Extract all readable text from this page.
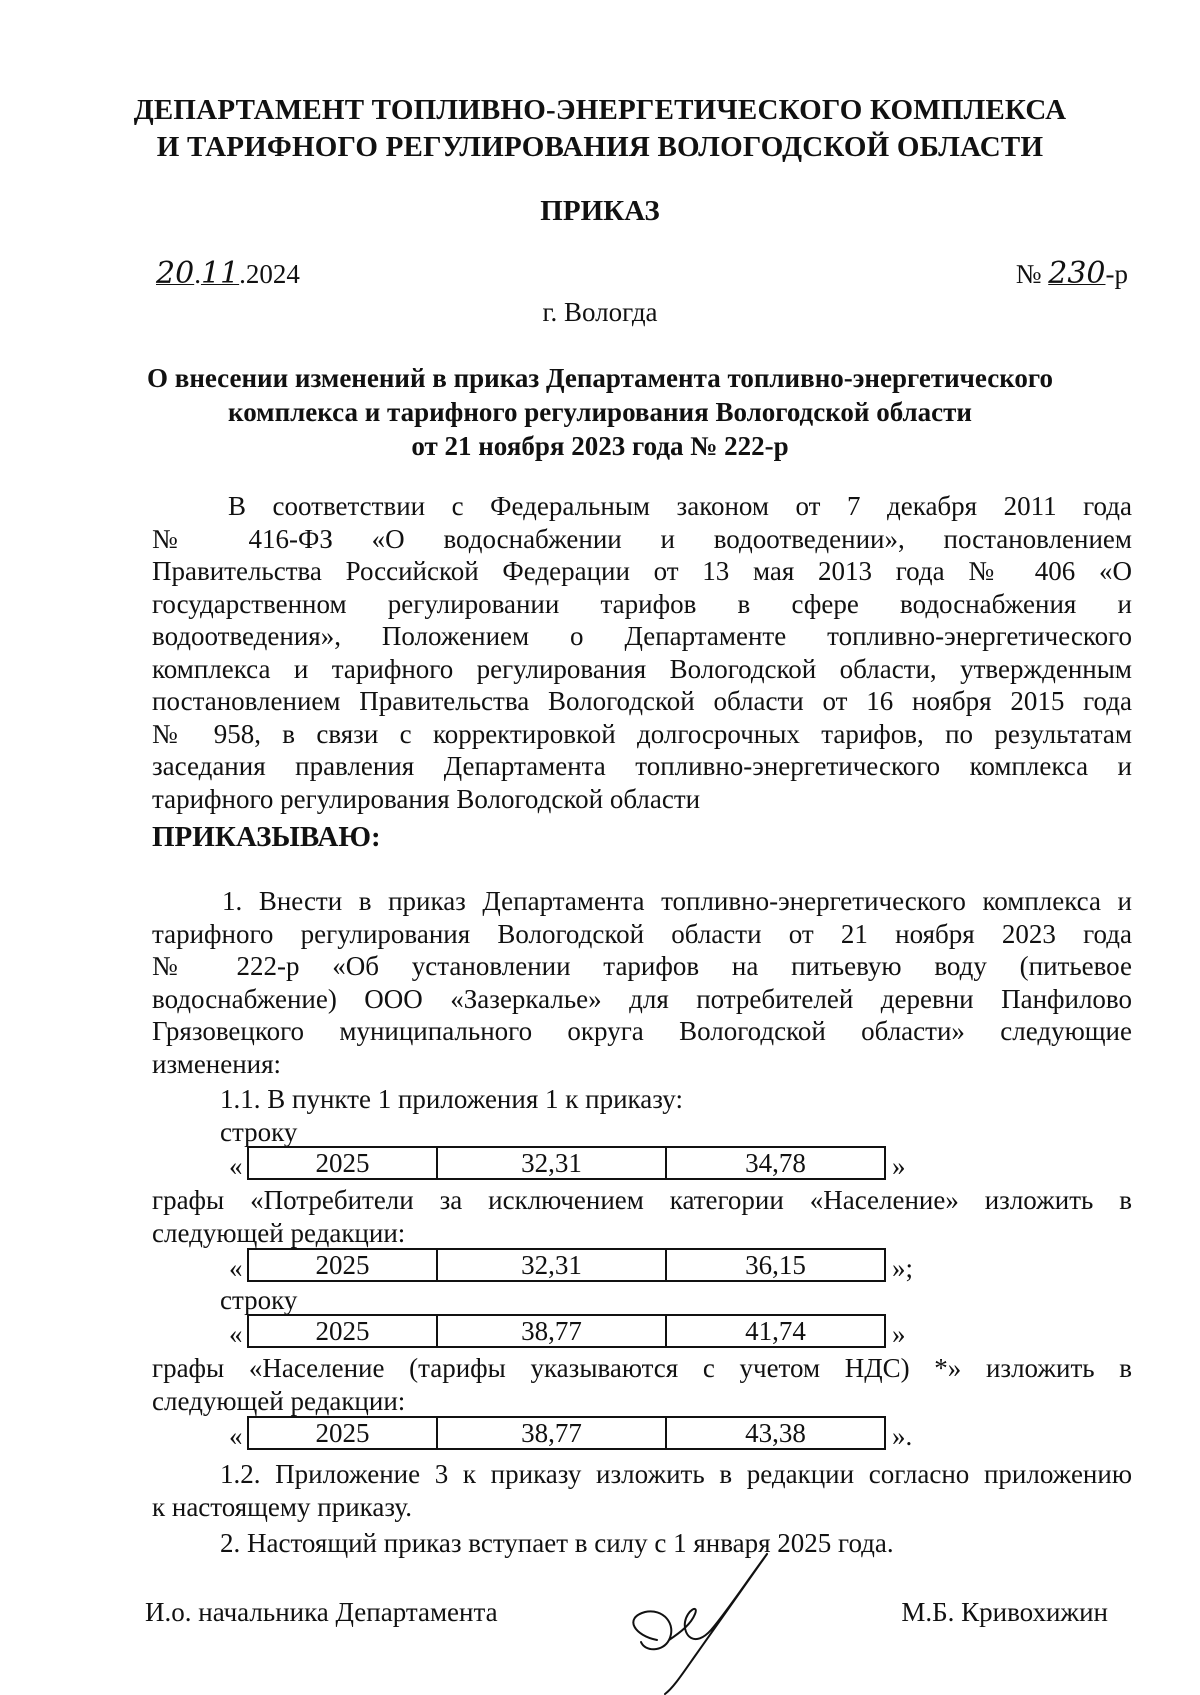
ДЕПАРТАМЕНТ ТОПЛИВНО-ЭНЕРГЕТИЧЕСКОГО КОМПЛЕКСА
И ТАРИФНОГО РЕГУЛИРОВАНИЯ ВОЛОГОДСКОЙ ОБЛАСТИ
ПРИКАЗ
20.11.2024	№ 230-р
г. Вологда
О внесении изменений в приказ Департамента топливно-энергетического
комплекса и тарифного регулирования Вологодской области
от 21 ноября 2023 года № 222-р
В соответствии с Федеральным законом от 7 декабря 2011 года
№ 416-ФЗ «О водоснабжении и водоотведении», постановлением
Правительства Российской Федерации от 13 мая 2013 года № 406 «О
государственном регулировании тарифов в сфере водоснабжения и
водоотведения», Положением о Департаменте топливно-энергетического
комплекса и тарифного регулирования Вологодской области, утвержденным
постановлением Правительства Вологодской области от 16 ноября 2015 года
№ 958, в связи с корректировкой долгосрочных тарифов, по результатам
заседания правления Департамента топливно-энергетического комплекса и
тарифного регулирования Вологодской области
ПРИКАЗЫВАЮ:
1. Внести в приказ Департамента топливно-энергетического комплекса и
тарифного регулирования Вологодской области от 21 ноября 2023 года
№ 222-р «Об установлении тарифов на питьевую воду (питьевое
водоснабжение) ООО «Зазеркалье» для потребителей деревни Панфилово
Грязовецкого муниципального округа Вологодской области» следующие
изменения:
1.1. В пункте 1 приложения 1 к приказу:
строку
«	2025	32,31	34,78	»
графы «Потребители за исключением категории «Население» изложить в
следующей редакции:
«	2025	32,31	36,15	»;
строку
«	2025	38,77	41,74	»
графы «Население (тарифы указываются с учетом НДС) *» изложить в
следующей редакции:
«	2025	38,77	43,38	».
1.2. Приложение 3 к приказу изложить в редакции согласно приложению
к настоящему приказу.
2. Настоящий приказ вступает в силу с 1 января 2025 года.
И.о. начальника Департамента	М.Б. Кривохижин
